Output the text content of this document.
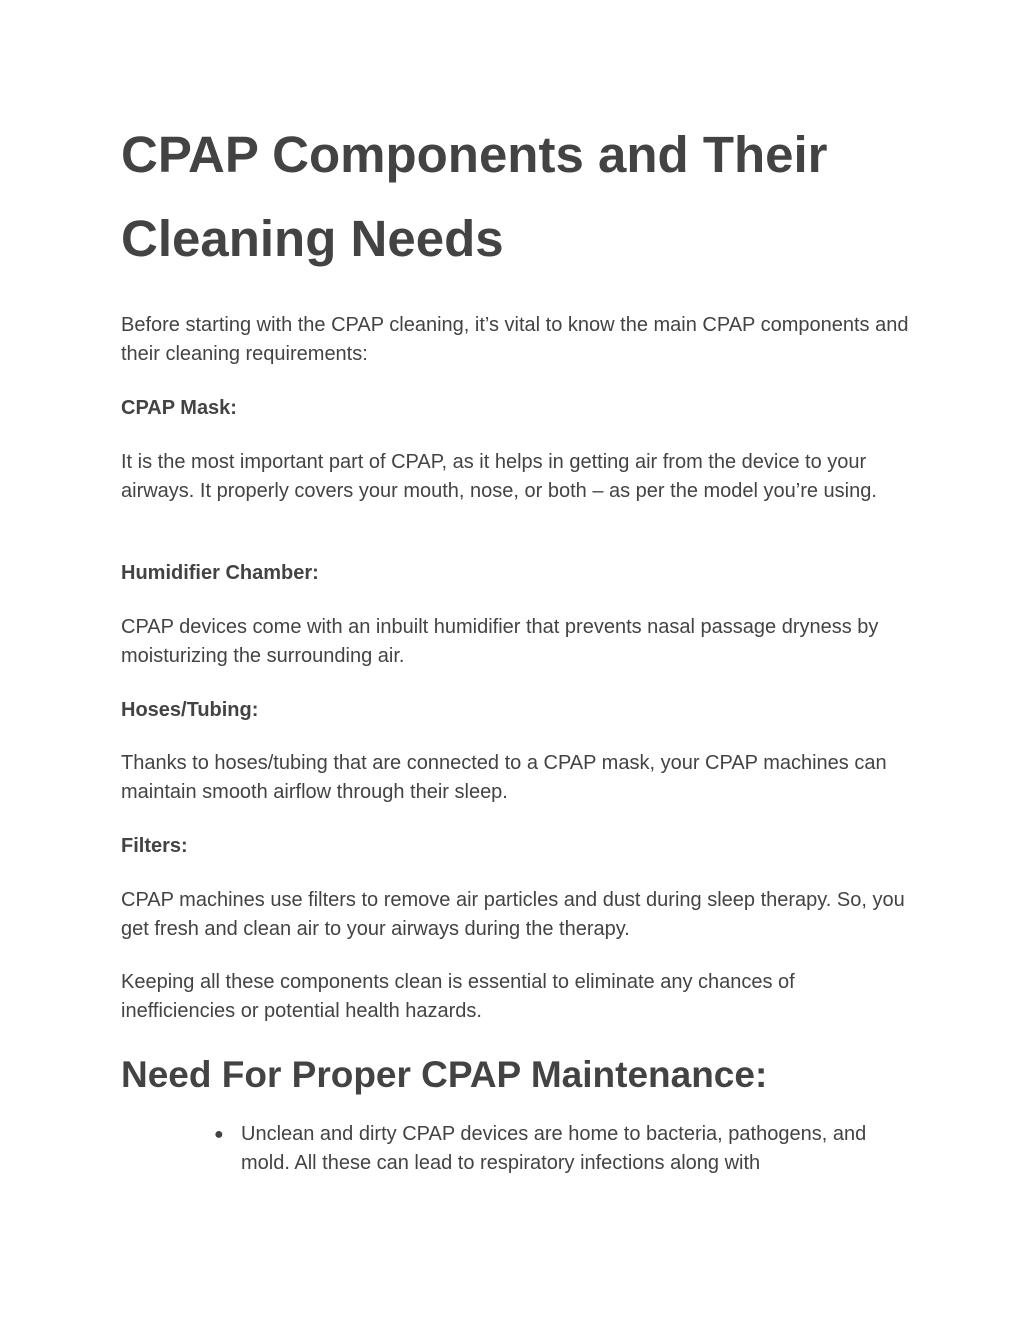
CPAP Components and Their Cleaning Needs

Before starting with the CPAP cleaning, it’s vital to know the main CPAP components and their cleaning requirements:

CPAP Mask:

It is the most important part of CPAP, as it helps in getting air from the device to your airways. It properly covers your mouth, nose, or both – as per the model you’re using.

Humidifier Chamber:

CPAP devices come with an inbuilt humidifier that prevents nasal passage dryness by moisturizing the surrounding air.

Hoses/Tubing:

Thanks to hoses/tubing that are connected to a CPAP mask, your CPAP machines can maintain smooth airflow through their sleep.

Filters:

CPAP machines use filters to remove air particles and dust during sleep therapy. So, you get fresh and clean air to your airways during the therapy.

Keeping all these components clean is essential to eliminate any chances of inefficiencies or potential health hazards.

Need For Proper CPAP Maintenance:
● Unclean and dirty CPAP devices are home to bacteria, pathogens, and mold. All these can lead to respiratory infections along with
